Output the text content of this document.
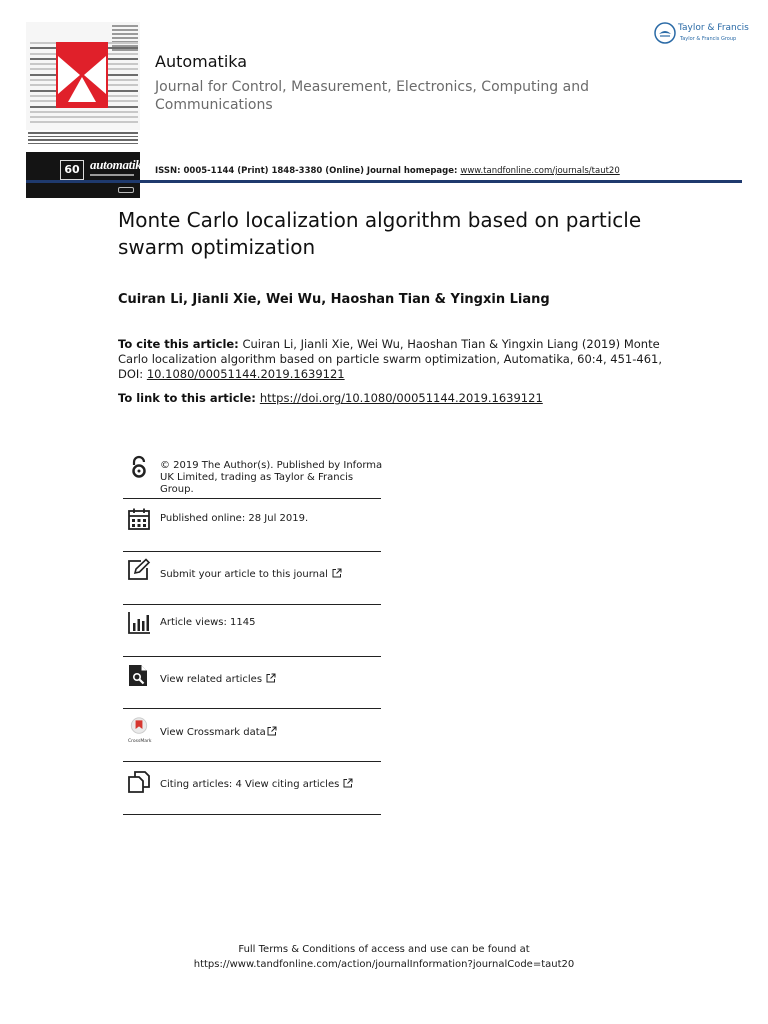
60 automatika
Automatika

Journal for Control, Measurement, Electronics, Computing and Communications

ISSN: 0005-1144 (Print) 1848-3380 (Online) Journal homepage: www.tandfonline.com/journals/taut20
Taylor & Francis
Taylor & Francis Group
Monte Carlo localization algorithm based on particle swarm optimization
Cuiran Li, Jianli Xie, Wei Wu, Haoshan Tian & Yingxin Liang
To cite this article: Cuiran Li, Jianli Xie, Wei Wu, Haoshan Tian & Yingxin Liang (2019) Monte Carlo localization algorithm based on particle swarm optimization, Automatika, 60:4, 451-461, DOI: 10.1080/00051144.2019.1639121
To link to this article: https://doi.org/10.1080/00051144.2019.1639121
© 2019 The Author(s). Published by Informa
UK Limited, trading as Taylor & Francis
Group.
Published online: 28 Jul 2019.
Submit your article to this journal
Article views: 1145
View related articles
CrossMark
View Crossmark data
Citing articles: 4 View citing articles
Full Terms & Conditions of access and use can be found at
https://www.tandfonline.com/action/journalInformation?journalCode=taut20
